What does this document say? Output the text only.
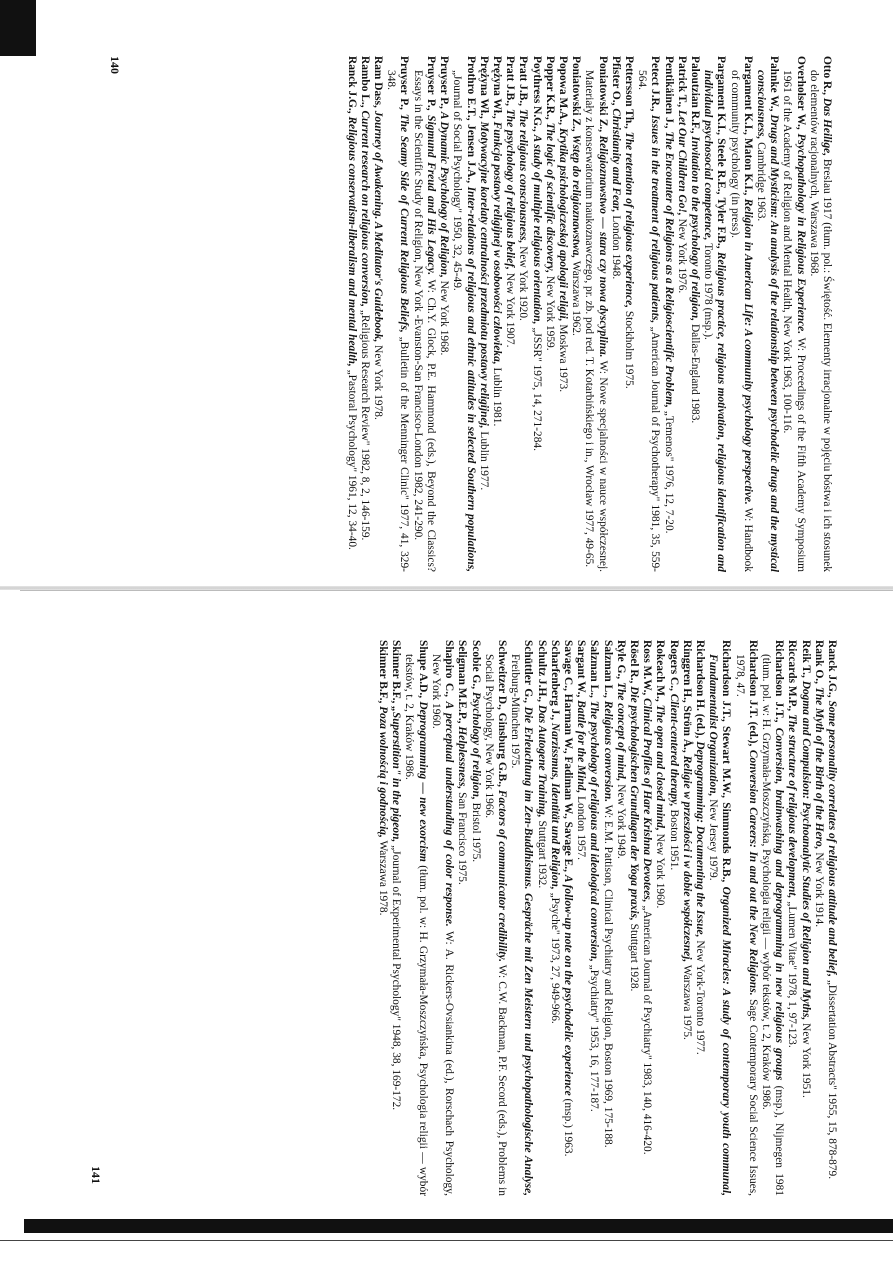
Otto R., Das Heilige, Breslau 1917 (tłum. pol.: Świętość. Elementy irracjonalne w pojęciu bóstwa i ich stosunek do elementów racjonalnych, Warszawa 1968.

Overholser W., Psychopathology in Religious Experience. W: Proceedings of the Fifth Academy Symposium 1961 of the Academy of Religion and Mental Health, New York 1963, 100-116.

Pahnke W., Drugs and Mysticism: An analysis of the relationship between psychodelic drugs and the mystical consciousness, Cambridge 1963.

Pargament K.I., Maton K.I., Religion in American Life: A community psychology perspective. W: Handbook of community psychology (in press).

Pargament K.I., Steele R.E., Tyler F.B., Religious practice, religious motivation, religious identification and individual psychosocial competence, Toronto 1978 (msp.).

Paloutzian R.F., Invitation to the psychology of religion, Dallas-England 1983.

Patrick T., Let Our Children Go!, New York 1976.

Pentikäinen J., The Encounter of Religions as a Religioscientific Problem, „Temenos" 1976, 12, 7-20.

Petect J.R., Issues in the treatment of religious patients, „American Journal of Psychotherapy" 1981, 35, 559-564.

Pettersson Th., The retention of religious experience, Stockholm 1975.

Pfister O., Christianity and Fear, London 1948.

Poniatowski Z., Religioznawstwo — stara czy nowa dyscyplina. W: Nowe specjalności w nauce współczesnej. Materiały z konserwatorium naukoznawczego, pr. zb. pod red. T. Kotarbińskiego i in., Wrocław 1977, 49-65.

Poniatowski Z., Wstęp do religioznawstwa, Warszawa 1962.

Popowa M.A., Krytika psichologiczeskoj apologii religii, Moskwa 1973.

Popper K.R., The logic of scientific discovery, New York 1959.

Poythress N.G., A study of multiple religious orientation, „JSSR" 1975, 14, 271-284.

Pratt J.B., The religious consciousness, New York 1920.

Pratt J.B., The psychology of religious belief, New York 1907.

Prężyna Wł., Funkcja postawy religijnej w osobowości człowieka, Lublin 1981.

Prężyna Wł., Motywacyjne korelaty centralności przedmiotu postawy religijnej, Lublin 1977.

Prothro E.T., Jensen J.A., Inter-relations of religious and ethnic attitudes in selected Southern populations, „Journal of Social Psychology" 1950, 32, 45-49.

Pruyser P., A Dynamic Psychology of Religion, New York 1968.

Pruyser P., Sigmund Freud and His Legacy. W: Ch.Y. Glock, P.E. Hammond (eds.), Beyond the Classics? Essays in the Scientific Study of Religion, New York -Evanston-San Francisco-London 1982, 241-290.

Pruyser P., The Seamy Side of Current Religious Beliefs, „Bulletin of the Menninger Clinic" 1977, 41, 329-348.

Ram Dass, Journey of Awakening. A Meditator's Guidebook, New York 1978.

Rambo L., Current research on religious conversion, „Religious Research Review" 1982, 8, 2, 146-159.

Ranck J.G., Religious conservatism-liberalism and mental health, „Pastoral Psychology" 1961, 12, 34-40.

140

Ranck J.G., Some personality correlates of religious attitude and belief, „Dissertation Abstracts" 1955, 15, 878-879.

Rank O., The Myth of the Birth of the Hero, New York 1914.

Reik T., Dogma and Compulsion: Psychoanalytic Studies of Religion and Myths, New York 1951.

Riccards M.P., The structure of religious development, „Lumen Vitae" 1978, 1, 97-123.

Richardson J.T., Conversion, brainwashing and deprogramming in new religious groups (msp.), Nijmegen 1981 (tłum. pol. w: H. Grzymała-Moszczyńska, Psychologia religii — wybór tekstów, t. 2, Kraków 1986.

Richardson J.T. (ed.), Conversion Careers: In and out the New Religions. Sage Contemporary Social Science Issues, 1978, 47.

Richardson J.T., Stewart M.W., Simmonds R.B., Organized Miracles: A study of contemporary youth communal, Fundamentalist Organization, New Jersey 1979.

Richardson H. (ed.), Deprogramming: Documenting the Issue, New York-Toronto 1977.

Ringgren H., Ström Å., Religie w przeszłości i w dobie współczesnej, Warszawa 1975.

Rogers C., Client-centered therapy, Boston 1951.

Rokeach M., The open and closed mind, New York 1960.

Ross M.W., Clinical Profiles of Hare Krishna Devotees, „American Journal of Psychiatry" 1983, 140, 416-420.

Rösel R., Die psychologischen Grundlagen der Yoga praxis, Stuttgart 1928.

Ryle G., The concept of mind, New York 1949.

Salzman L., Religious conversion. W: E.M. Pattison, Clinical Psychiatry and Religion, Boston 1969, 175-188.

Salzman L., The psychology of religious and ideological conversion, „Psychiatry" 1953, 16, 177-187.

Sargant W., Battle for the Mind, London 1957.

Savage C., Harman W., Fadiman W., Savage E., A follow-up note on the psychodelic experience (msp.) 1963.

Scharfenberg J., Narzissmus, Identität und Religion, „Psyche" 1973, 27, 949-966.

Schultz J.H., Das Autogene Training, Stuttgart 1932.

Schüttler G., Die Erleuchtung im Zen-Buddhismus. Gespräche mit Zen Meistern und psychopathologische Analyse, Freiburg-München 1975.

Schweitzer D., Ginsburg G.B., Factors of communicator credibility. W: C.W. Backman, P.F. Secord (eds.), Problems in Social Psychology, New York 1966.

Scobie G., Psychology of religion, Bristol 1975.

Seligman M.E.P., Helplessness, San Francisco 1975.

Shapiro C., A perceptual understanding of color response. W: A. Rickers-Ovsiankina (ed.), Rorschach Psychology, New York 1960.

Shupe A.D., Deprogramming — new exorcism (tłum. pol. w: H. Grzymała-Moszczyńska, Psychologia religii — wybór tekstów, t. 2, Kraków 1986.

Skinner B.F., „Superstition" in the pigeon, „Journal of Experimental Psychology" 1948, 38, 169-172.

Skinner B.F., Poza wolnością i godnością, Warszawa 1978.

141
